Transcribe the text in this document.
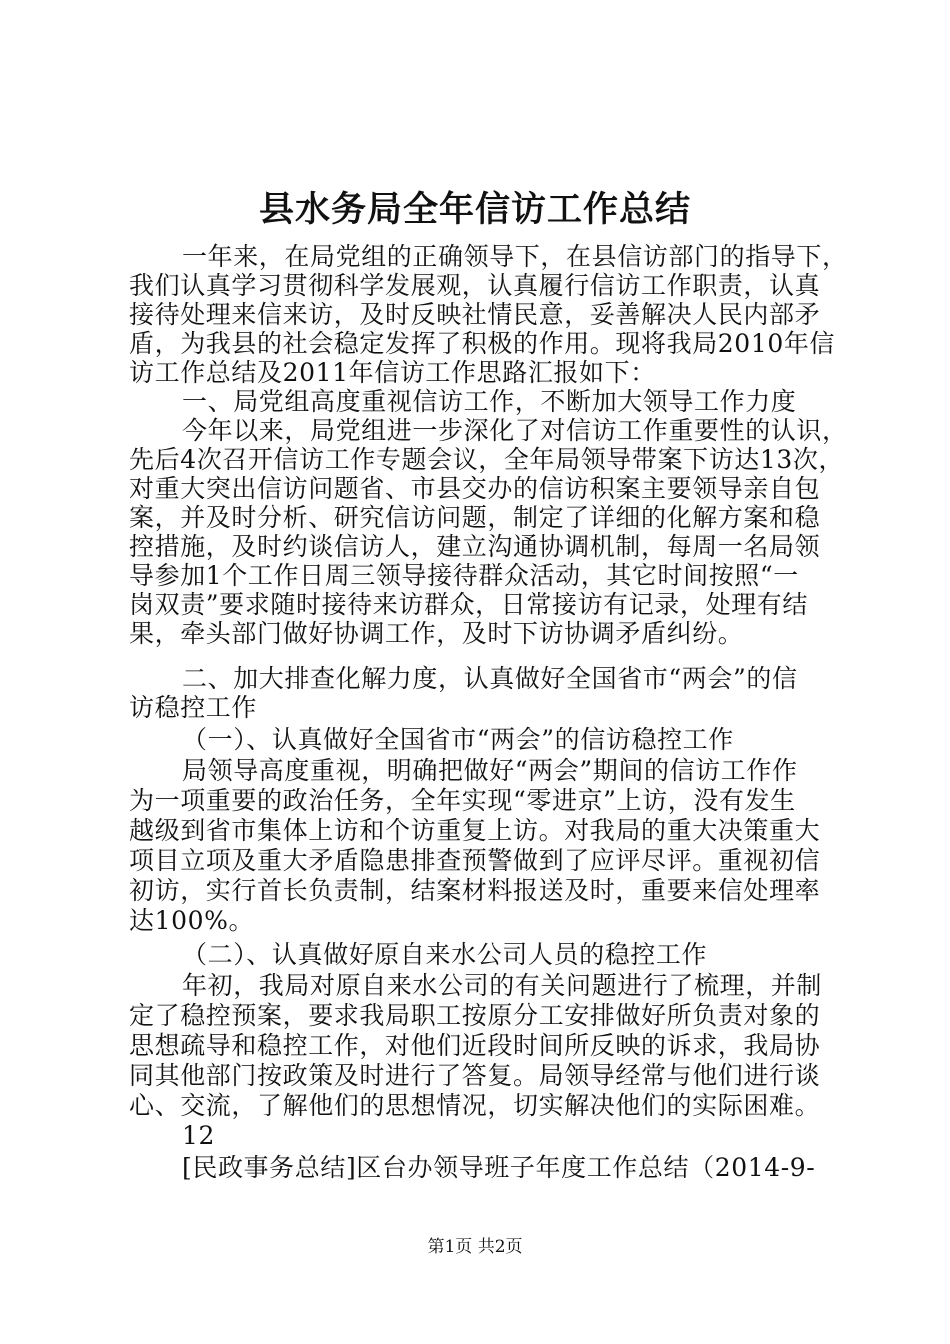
县水务局全年信访工作总结
一年来，在局党组的正确领导下，在县信访部门的指导下，
我们认真学习贯彻科学发展观，认真履行信访工作职责，认真
接待处理来信来访，及时反映社情民意，妥善解决人民内部矛
盾，为我县的社会稳定发挥了积极的作用。现将我局2010年信
访工作总结及2011年信访工作思路汇报如下：
一、局党组高度重视信访工作，不断加大领导工作力度
今年以来，局党组进一步深化了对信访工作重要性的认识，
先后4次召开信访工作专题会议，全年局领导带案下访达13次，
对重大突出信访问题省、市县交办的信访积案主要领导亲自包
案，并及时分析、研究信访问题，制定了详细的化解方案和稳
控措施，及时约谈信访人，建立沟通协调机制，每周一名局领
导参加1个工作日周三领导接待群众活动，其它时间按照“一
岗双责”要求随时接待来访群众，日常接访有记录，处理有结
果，牵头部门做好协调工作，及时下访协调矛盾纠纷。
二、加大排查化解力度，认真做好全国省市“两会”的信
访稳控工作
（一）、认真做好全国省市“两会”的信访稳控工作
局领导高度重视，明确把做好“两会”期间的信访工作作
为一项重要的政治任务，全年实现“零进京”上访，没有发生
越级到省市集体上访和个访重复上访。对我局的重大决策重大
项目立项及重大矛盾隐患排查预警做到了应评尽评。重视初信
初访，实行首长负责制，结案材料报送及时，重要来信处理率
达100%。
（二）、认真做好原自来水公司人员的稳控工作
年初，我局对原自来水公司的有关问题进行了梳理，并制
定了稳控预案，要求我局职工按原分工安排做好所负责对象的
思想疏导和稳控工作，对他们近段时间所反映的诉求，我局协
同其他部门按政策及时进行了答复。局领导经常与他们进行谈
心、交流，了解他们的思想情况，切实解决他们的实际困难。
12
[民政事务总结]区台办领导班子年度工作总结（2014-9-
第1页 共2页
